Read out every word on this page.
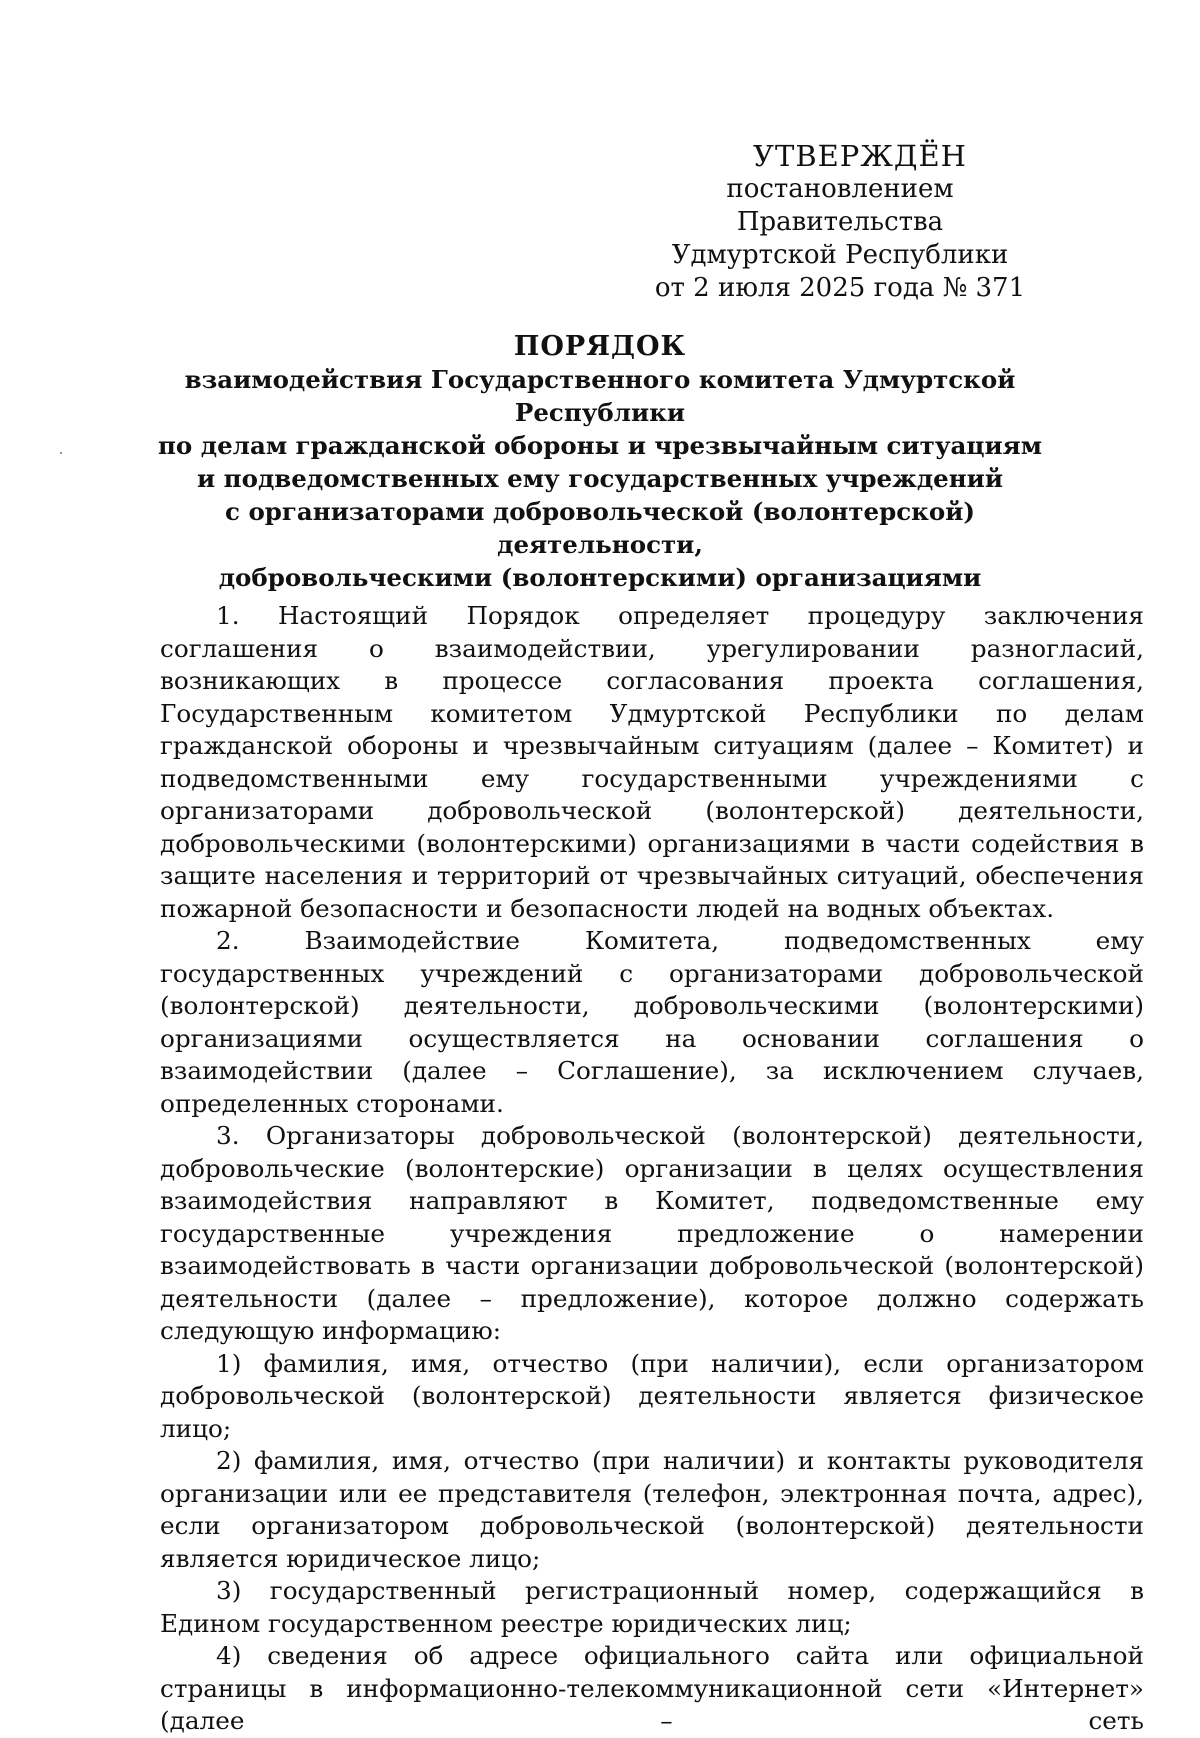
УТВЕРЖДЁН
постановлением Правительства
Удмуртской Республики
от 2 июля 2025 года № 371
ПОРЯДОК
взаимодействия Государственного комитета Удмуртской Республики
по делам гражданской обороны и чрезвычайным ситуациям
и подведомственных ему государственных учреждений
с организаторами добровольческой (волонтерской) деятельности,
добровольческими (волонтерскими) организациями

1. Настоящий Порядок определяет процедуру заключения соглашения о взаимодействии, урегулировании разногласий, возникающих в процессе согласования проекта соглашения, Государственным комитетом Удмуртской Республики по делам гражданской обороны и чрезвычайным ситуациям (далее – Комитет) и подведомственными ему государственными учреждениями с организаторами добровольческой (волонтерской) деятельности, добровольческими (волонтерскими) организациями в части содействия в защите населения и территорий от чрезвычайных ситуаций, обеспечения пожарной безопасности и безопасности людей на водных объектах.

2. Взаимодействие Комитета, подведомственных ему государственных учреждений с организаторами добровольческой (волонтерской) деятельности, добровольческими (волонтерскими) организациями осуществляется на основании соглашения о взаимодействии (далее – Соглашение), за исключением случаев, определенных сторонами.

3. Организаторы добровольческой (волонтерской) деятельности, добровольческие (волонтерские) организации в целях осуществления взаимодействия направляют в Комитет, подведомственные ему государственные учреждения предложение о намерении взаимодействовать в части организации добровольческой (волонтерской) деятельности (далее – предложение), которое должно содержать следующую информацию:

1) фамилия, имя, отчество (при наличии), если организатором добровольческой (волонтерской) деятельности является физическое лицо;

2) фамилия, имя, отчество (при наличии) и контакты руководителя организации или ее представителя (телефон, электронная почта, адрес), если организатором добровольческой (волонтерской) деятельности является юридическое лицо;

3) государственный регистрационный номер, содержащийся в Едином государственном реестре юридических лиц;

4) сведения об адресе официального сайта или официальной страницы в информационно-телекоммуникационной сети «Интернет» (далее – сеть
